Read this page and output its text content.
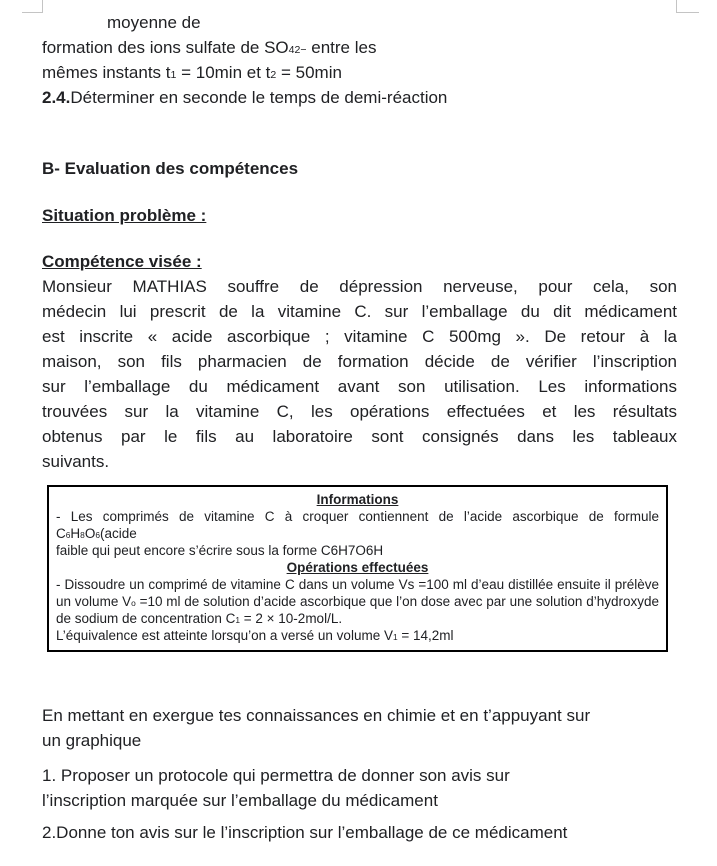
moyenne de
formation des ions sulfate de $SO_4^{2-}$ entre les
mêmes instants $t_1 = 10\min$ et $t_2 = 50\min$
2.4.Déterminer en seconde le temps de demi-réaction
B- Evaluation des compétences
Situation problème :
Compétence visée :
Monsieur MATHIAS souffre de dépression nerveuse, pour cela, son
médecin lui prescrit de la vitamine C. sur l’emballage du dit médicament
est inscrite « acide ascorbique ; vitamine C 500mg ». De retour à la
maison, son fils pharmacien de formation décide de vérifier l’inscription
sur l’emballage du médicament avant son utilisation. Les informations
trouvées sur la vitamine C, les opérations effectuées et les résultats
obtenus par le fils au laboratoire sont consignés dans les tableaux
suivants.
Informations
- Les comprimés de vitamine C à croquer contiennent de l’acide ascorbique de formule $C_6H_8O_6(acide$
faible qui peut encore s’écrire sous la forme C6H7O6H
Opérations effectuées
- Dissoudre un comprimé de vitamine C dans un volume Vs =100 ml d’eau distillée ensuite il prélève
un volume $V_o =10$ ml de solution d’acide ascorbique que l’on dose avec par une solution d’hydroxyde
de sodium de concentration $C_1 = 2 \times 10-2mol/L$.
L’équivalence est atteinte lorsqu’on a versé un volume $V_1 = 14,2ml$
En mettant en exergue tes connaissances en chimie et en t’appuyant sur
un graphique
1. Proposer un protocole qui permettra de donner son avis sur
l’inscription marquée sur l’emballage du médicament
2.Donne ton avis sur le l’inscription sur l’emballage de ce médicament
